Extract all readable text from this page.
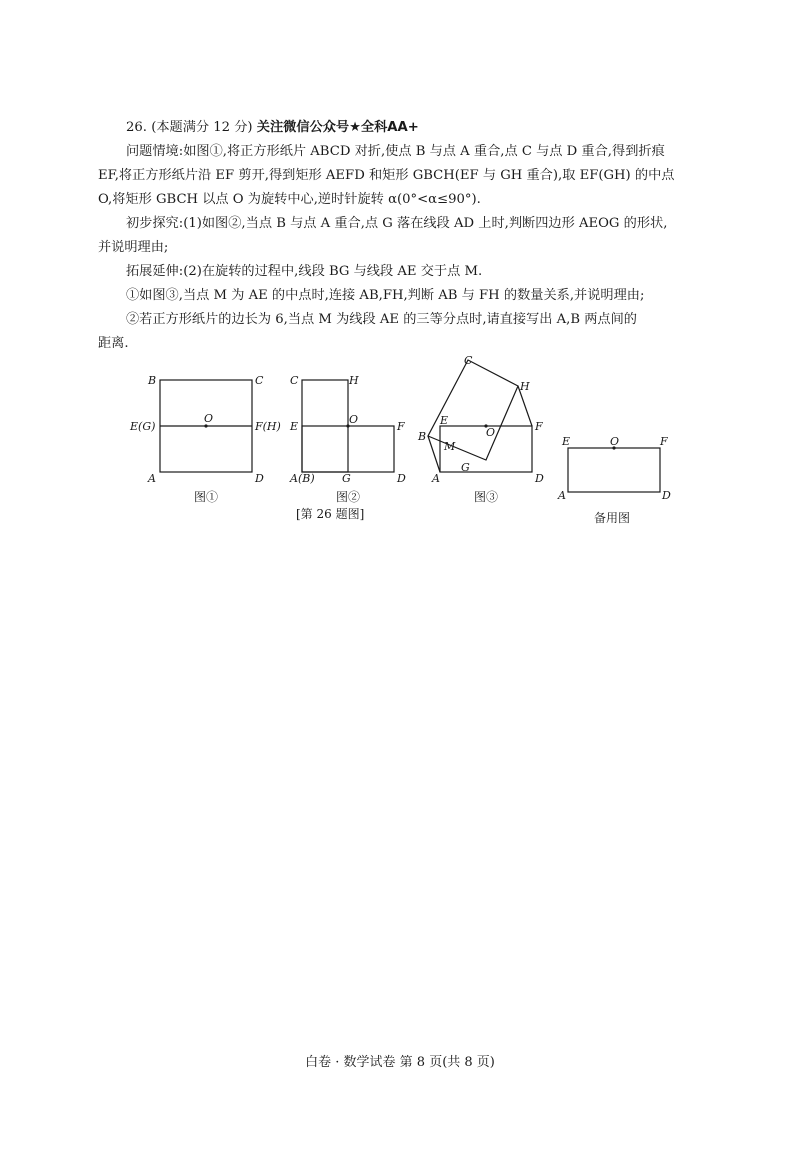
26. (本题满分 12 分) 关注微信公众号★全科AA+
问题情境:如图①,将正方形纸片 ABCD 对折,使点 B 与点 A 重合,点 C 与点 D 重合,得到折痕
EF,将正方形纸片沿 EF 剪开,得到矩形 AEFD 和矩形 GBCH(EF 与 GH 重合),取 EF(GH) 的中点
O,将矩形 GBCH 以点 O 为旋转中心,逆时针旋转 α(0°<α≤90°).
初步探究:(1)如图②,当点 B 与点 A 重合,点 G 落在线段 AD 上时,判断四边形 AEOG 的形状,
并说明理由;
拓展延伸:(2)在旋转的过程中,线段 BG 与线段 AE 交于点 M.
①如图③,当点 M 为 AE 的中点时,连接 AB,FH,判断 AB 与 FH 的数量关系,并说明理由;
②若正方形纸片的边长为 6,当点 M 为线段 AE 的三等分点时,请直接写出 A,B 两点间的
距离.
B	C
E(G)
O
F(H)
A	D
图①
C	H
E
O
F
A(B) G	D
图②
[第 26 题图]
C
H
E
O	F
B
M
A
G
D
图③
E	O	F
A	D
备用图
白卷 · 数学试卷 第 8 页(共 8 页)
